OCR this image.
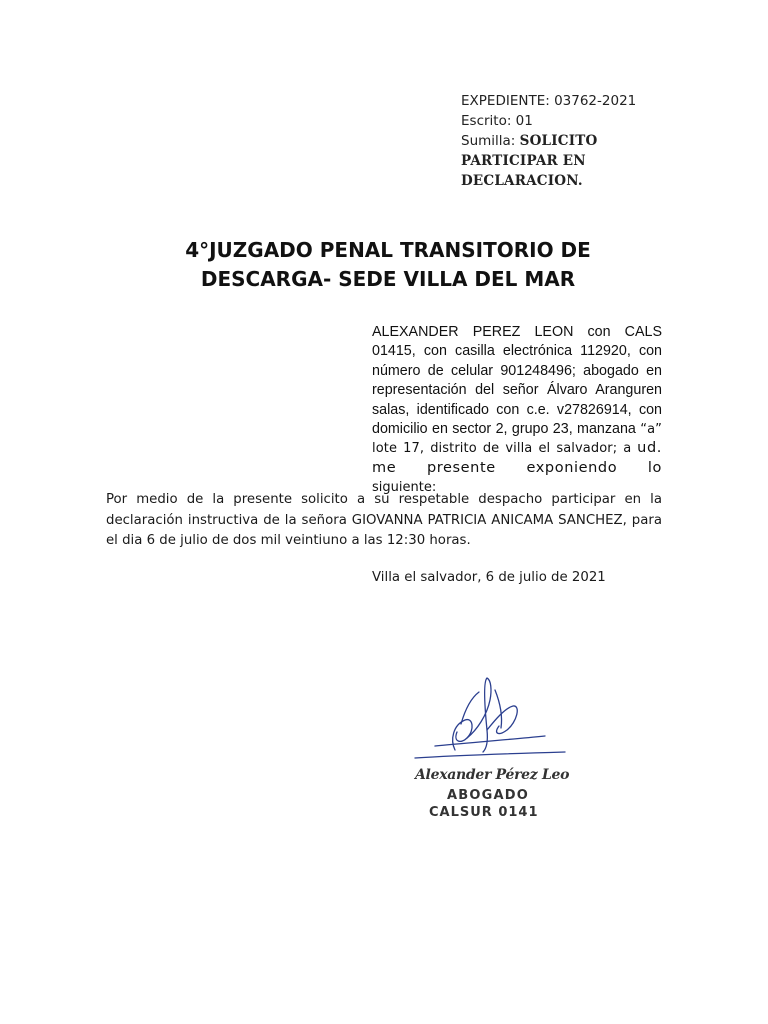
EXPEDIENTE: 03762-2021
Escrito: 01
Sumilla: SOLICITO
PARTICIPAR EN
DECLARACION.
4°JUZGADO PENAL TRANSITORIO DE
DESCARGA- SEDE VILLA DEL MAR
ALEXANDER PEREZ LEON con CALS 01415, con casilla electrónica 112920, con número de celular 901248496; abogado en representación del señor Álvaro Aranguren salas, identificado con c.e. v27826914, con domicilio en sector 2, grupo 23, manzana “a” lote 17, distrito de villa el salvador; a ud. me presente exponiendo lo siguiente:
Por medio de la presente solicito a su respetable despacho participar en la declaración instructiva de la señora GIOVANNA PATRICIA ANICAMA SANCHEZ, para el dia 6 de julio de dos mil veintiuno a las 12:30 horas.
Villa el salvador, 6 de julio de 2021
Alexander Pérez Leo
ABOGADO
CALSUR 0141
